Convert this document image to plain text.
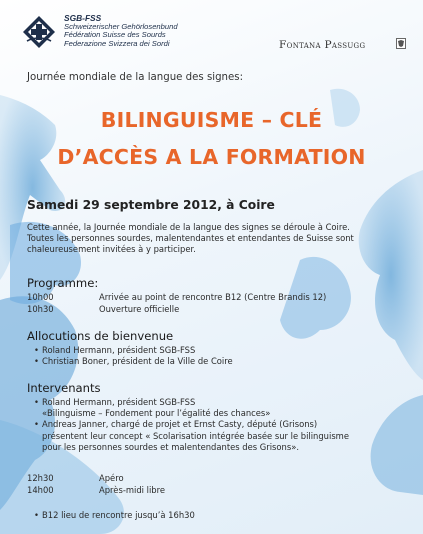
SGB-FSS
Schweizerischer Gehörlosenbund
Fédération Suisse des Sourds
Federazione Svizzera dei Sordi	Fontana Passugg
Journée mondiale de la langue des signes:
BILINGUISME – CLÉ
D’ACCÈS A LA FORMATION
Samedi 29 septembre 2012, à Coire
Cette année, la Journée mondiale de la langue des signes se déroule à Coire.
Toutes les personnes sourdes, malentendantes et entendantes de Suisse sont
chaleureusement invitées à y participer.
Programme:
10h00	Arrivée au point de rencontre B12 (Centre Brandis 12)
10h30	Ouverture officielle
Allocutions de bienvenue
• Roland Hermann, président SGB-FSS
• Christian Boner, président de la Ville de Coire
Intervenants
• Roland Hermann, président SGB-FSS
«Bilinguisme – Fondement pour l’égalité des chances»
• Andreas Janner, chargé de projet et Ernst Casty, député (Grisons)
présentent leur concept « Scolarisation intégrée basée sur le bilinguisme
pour les personnes sourdes et malentendantes des Grisons».
12h30	Apéro
14h00	Après-midi libre
• B12 lieu de rencontre jusqu’à 16h30
